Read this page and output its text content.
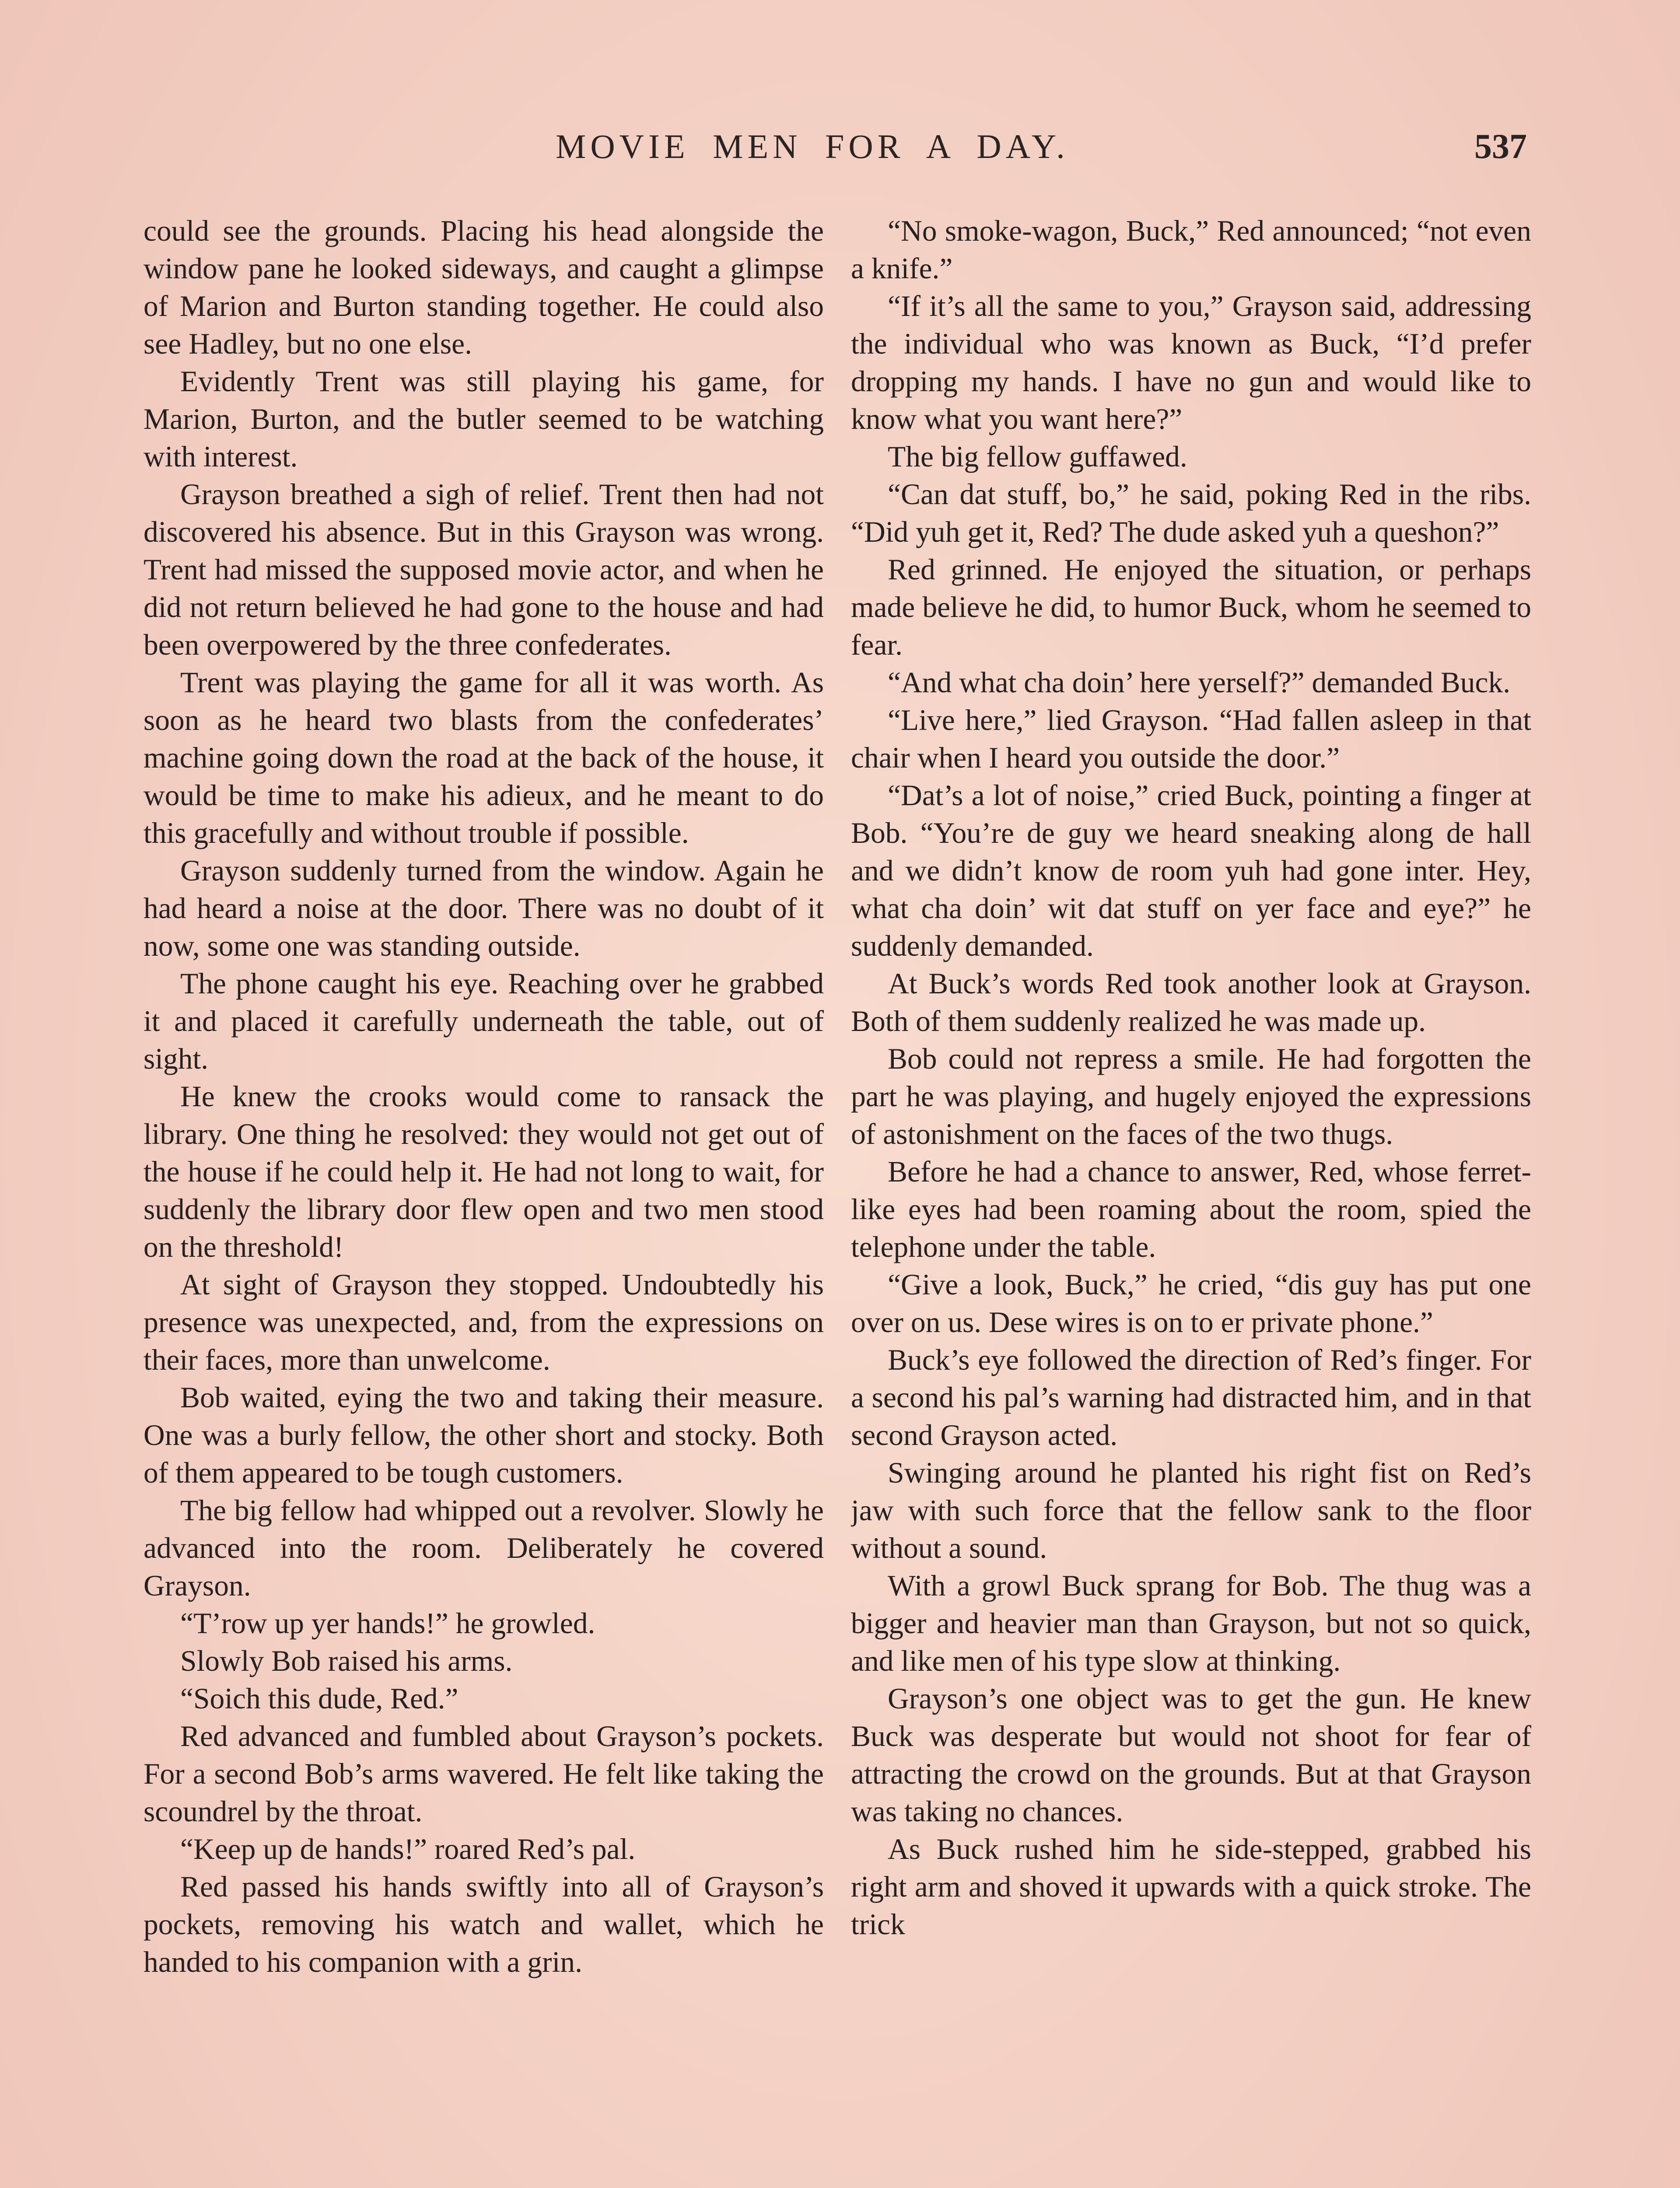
MOVIE MEN FOR A DAY.	537

could see the grounds. Placing his head alongside the window pane he looked sideways, and caught a glimpse of Marion and Burton standing together. He could also see Hadley, but no one else.

Evidently Trent was still playing his game, for Marion, Burton, and the butler seemed to be watching with interest.

Grayson breathed a sigh of relief. Trent then had not discovered his absence. But in this Grayson was wrong. Trent had missed the supposed movie actor, and when he did not return believed he had gone to the house and had been overpowered by the three confederates.

Trent was playing the game for all it was worth. As soon as he heard two blasts from the confederates’ machine going down the road at the back of the house, it would be time to make his adieux, and he meant to do this gracefully and without trouble if possible.

Grayson suddenly turned from the window. Again he had heard a noise at the door. There was no doubt of it now, some one was standing outside.

The phone caught his eye. Reaching over he grabbed it and placed it carefully underneath the table, out of sight.

He knew the crooks would come to ransack the library. One thing he resolved: they would not get out of the house if he could help it. He had not long to wait, for suddenly the library door flew open and two men stood on the threshold!

At sight of Grayson they stopped. Undoubtedly his presence was unexpected, and, from the expressions on their faces, more than unwelcome.

Bob waited, eying the two and taking their measure. One was a burly fellow, the other short and stocky. Both of them appeared to be tough customers.

The big fellow had whipped out a revolver. Slowly he advanced into the room. Deliberately he covered Grayson.

“T’row up yer hands!” he growled.

Slowly Bob raised his arms.

“Soich this dude, Red.”

Red advanced and fumbled about Grayson’s pockets. For a second Bob’s arms wavered. He felt like taking the scoundrel by the throat.

“Keep up de hands!” roared Red’s pal.

Red passed his hands swiftly into all of Grayson’s pockets, removing his watch and wallet, which he handed to his companion with a grin.

“No smoke-wagon, Buck,” Red announced; “not even a knife.”

“If it’s all the same to you,” Grayson said, addressing the individual who was known as Buck, “I’d prefer dropping my hands. I have no gun and would like to know what you want here?”

The big fellow guffawed.

“Can dat stuff, bo,” he said, poking Red in the ribs. “Did yuh get it, Red? The dude asked yuh a queshon?”

Red grinned. He enjoyed the situation, or perhaps made believe he did, to humor Buck, whom he seemed to fear.

“And what cha doin’ here yerself?” demanded Buck.

“Live here,” lied Grayson. “Had fallen asleep in that chair when I heard you outside the door.”

“Dat’s a lot of noise,” cried Buck, pointing a finger at Bob. “You’re de guy we heard sneaking along de hall and we didn’t know de room yuh had gone inter. Hey, what cha doin’ wit dat stuff on yer face and eye?” he suddenly demanded.

At Buck’s words Red took another look at Grayson. Both of them suddenly realized he was made up.

Bob could not repress a smile. He had forgotten the part he was playing, and hugely enjoyed the expressions of astonishment on the faces of the two thugs.

Before he had a chance to answer, Red, whose ferret-like eyes had been roaming about the room, spied the telephone under the table.

“Give a look, Buck,” he cried, “dis guy has put one over on us. Dese wires is on to er private phone.”

Buck’s eye followed the direction of Red’s finger. For a second his pal’s warning had distracted him, and in that second Grayson acted.

Swinging around he planted his right fist on Red’s jaw with such force that the fellow sank to the floor without a sound.

With a growl Buck sprang for Bob. The thug was a bigger and heavier man than Grayson, but not so quick, and like men of his type slow at thinking.

Grayson’s one object was to get the gun. He knew Buck was desperate but would not shoot for fear of attracting the crowd on the grounds. But at that Grayson was taking no chances.

As Buck rushed him he side-stepped, grabbed his right arm and shoved it upwards with a quick stroke. The trick
